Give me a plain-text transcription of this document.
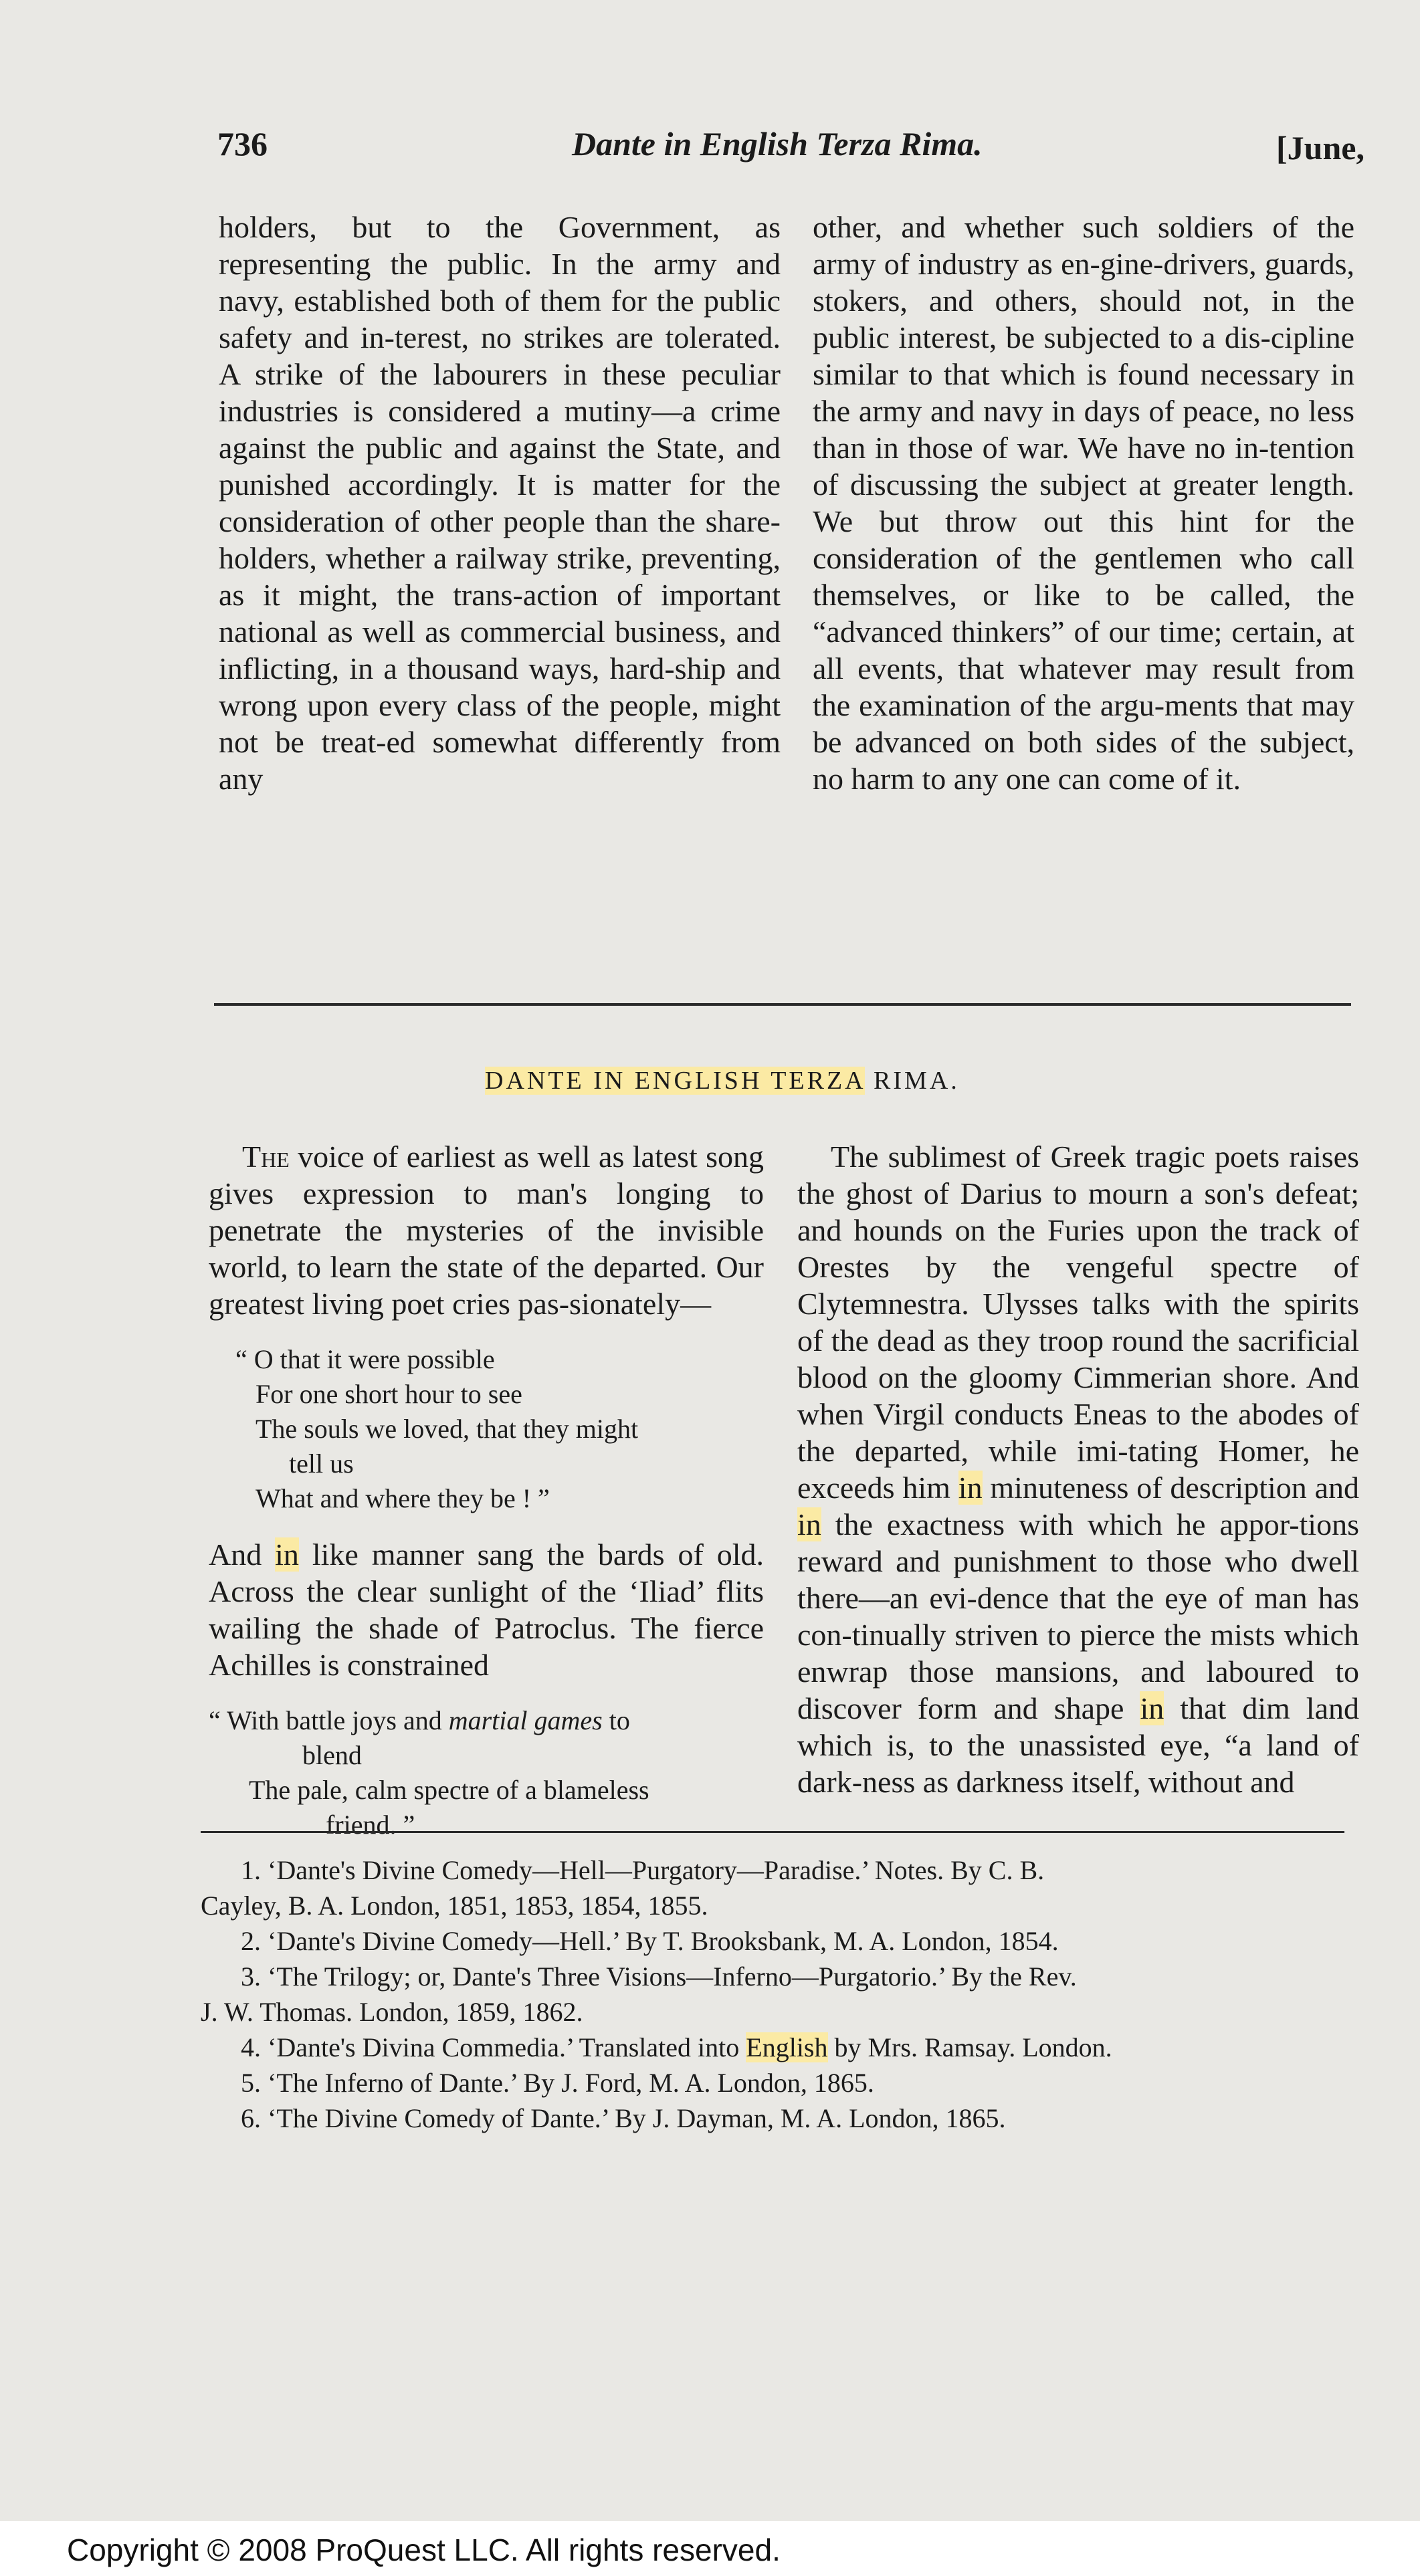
736	Dante in English Terza Rima.	[June,

holders, but to the Government, as representing the public. In the army and navy, established both of them for the public safety and in-terest, no strikes are tolerated. A strike of the labourers in these peculiar industries is considered a mutiny—a crime against the public and against the State, and punished accordingly. It is matter for the consideration of other people than the share-holders, whether a railway strike, preventing, as it might, the trans-action of important national as well as commercial business, and inflicting, in a thousand ways, hard-ship and wrong upon every class of the people, might not be treat-ed somewhat differently from any

other, and whether such soldiers of the army of industry as en-gine-drivers, guards, stokers, and others, should not, in the public interest, be subjected to a dis-cipline similar to that which is found necessary in the army and navy in days of peace, no less than in those of war. We have no in-tention of discussing the subject at greater length. We but throw out this hint for the consideration of the gentlemen who call themselves, or like to be called, the “advanced thinkers” of our time; certain, at all events, that whatever may result from the examination of the argu-ments that may be advanced on both sides of the subject, no harm to any one can come of it.

DANTE IN ENGLISH TERZA RIMA.

The voice of earliest as well as latest song gives expression to man's longing to penetrate the mysteries of the invisible world, to learn the state of the departed. Our greatest living poet cries pas-sionately—

“ O that it were possible
For one short hour to see
The souls we loved, that they might
tell us
What and where they be ! ”

And in like manner sang the bards of old. Across the clear sunlight of the ‘Iliad’ flits wailing the shade of Patroclus. The fierce Achilles is constrained

“ With battle joys and martial games to
blend
The pale, calm spectre of a blameless
friend. ”

The sublimest of Greek tragic poets raises the ghost of Darius to mourn a son's defeat; and hounds on the Furies upon the track of Orestes by the vengeful spectre of Clytemnestra. Ulysses talks with the spirits of the dead as they troop round the sacrificial blood on the gloomy Cimmerian shore. And when Virgil conducts Eneas to the abodes of the departed, while imi-tating Homer, he exceeds him in minuteness of description and in the exactness with which he appor-tions reward and punishment to those who dwell there—an evi-dence that the eye of man has con-tinually striven to pierce the mists which enwrap those mansions, and laboured to discover form and shape in that dim land which is, to the unassisted eye, “a land of dark-ness as darkness itself, without and

1. ‘Dante's Divine Comedy—Hell—Purgatory—Paradise.’ Notes. By C. B.
Cayley, B. A. London, 1851, 1853, 1854, 1855.
2. ‘Dante's Divine Comedy—Hell.’ By T. Brooksbank, M. A. London, 1854.
3. ‘The Trilogy; or, Dante's Three Visions—Inferno—Purgatorio.’ By the Rev.
J. W. Thomas. London, 1859, 1862.
4. ‘Dante's Divina Commedia.’ Translated into English by Mrs. Ramsay. London.
5. ‘The Inferno of Dante.’ By J. Ford, M. A. London, 1865.
6. ‘The Divine Comedy of Dante.’ By J. Dayman, M. A. London, 1865.
Copyright © 2008 ProQuest LLC. All rights reserved.
